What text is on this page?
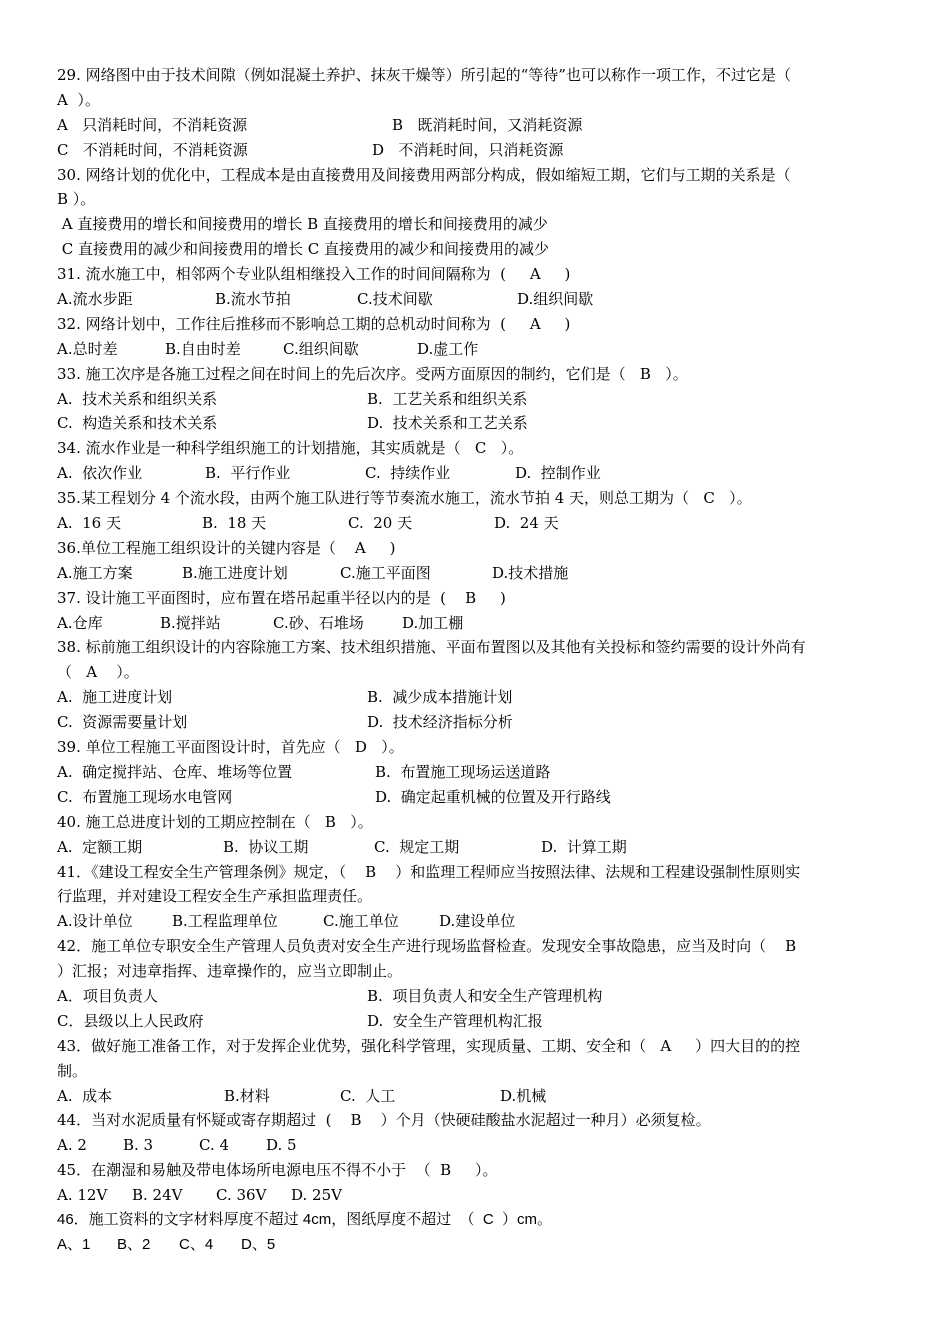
29. 网络图中由于技术间隙（例如混凝土养护、抹灰干燥等）所引起的“等待”也可以称作一项工作，不过它是（
A  ）。
A   只消耗时间，不消耗资源	B   既消耗时间，又消耗资源
C   不消耗时间，不消耗资源	D   不消耗时间，只消耗资源
30. 网络计划的优化中，工程成本是由直接费用及间接费用两部分构成，假如缩短工期，它们与工期的关系是（
B ）。
A 直接费用的增长和间接费用的增长 B 直接费用的增长和间接费用的减少
C 直接费用的减少和间接费用的增长 C 直接费用的减少和间接费用的减少
31. 流水施工中，相邻两个专业队组相继投入工作的时间间隔称为  (     A     )
A.流水步距	B.流水节拍	C.技术间歇	D.组织间歇
32. 网络计划中，工作往后推移而不影响总工期的总机动时间称为  (     A     )
A.总时差	B.自由时差	C.组织间歇	D.虚工作
33. 施工次序是各施工过程之间在时间上的先后次序。受两方面原因的制约，它们是（   B   ）。
A.  技术关系和组织关系	B.  工艺关系和组织关系
C.  构造关系和技术关系	D.  技术关系和工艺关系
34. 流水作业是一种科学组织施工的计划措施，其实质就是（   C   ）。
A.  依次作业	B.  平行作业	C.  持续作业	D.  控制作业
35.某工程划分 4 个流水段，由两个施工队进行等节奏流水施工，流水节拍 4 天，则总工期为（   C   ）。
A.  16 天	B.  18 天	C.  20 天	D.  24 天
36.单位工程施工组织设计的关键内容是（    A     )
A.施工方案	B.施工进度计划	C.施工平面图	D.技术措施
37. 设计施工平面图时，应布置在塔吊起重半径以内的是  (    B     )
A.仓库	B.搅拌站	C.砂、石堆场	D.加工棚
38. 标前施工组织设计的内容除施工方案、技术组织措施、平面布置图以及其他有关投标和签约需要的设计外尚有
（   A    ）。
A.  施工进度计划	B.  减少成本措施计划
C.  资源需要量计划	D.  技术经济指标分析
39. 单位工程施工平面图设计时，首先应（   D   ）。
A.  确定搅拌站、仓库、堆场等位置	B.  布置施工现场运送道路
C.  布置施工现场水电管网	D.  确定起重机械的位置及开行路线
40. 施工总进度计划的工期应控制在（   B   ）。
A.  定额工期	B.  协议工期	C.  规定工期	D.  计算工期
41．《建设工程安全生产管理条例》规定，（    B    ）和监理工程师应当按照法律、法规和工程建设强制性原则实
行监理，并对建设工程安全生产承担监理责任。
A.设计单位	B.工程监理单位	C.施工单位	D.建设单位
42．施工单位专职安全生产管理人员负责对安全生产进行现场监督检查。发现安全事故隐患，应当及时向（    B
）汇报；对违章指挥、违章操作的，应当立即制止。
A．项目负责人	B.  项目负责人和安全生产管理机构
C．县级以上人民政府	D.  安全生产管理机构汇报
43．做好施工准备工作，对于发挥企业优势，强化科学管理，实现质量、工期、安全和（   A     ）四大目的的控
制。
A.  成本	B.材料	C.  人工	D.机械
44．当对水泥质量有怀疑或寄存期超过  (    B    ）个月（快硬硅酸盐水泥超过一种月）必须复检。
A. 2	B. 3	C. 4	D. 5
45．在潮湿和易触及带电体场所电源电压不得不小于  （  B     ）。
A. 12V	B. 24V	C. 36V	D. 25V
46．施工资料的文字材料厚度不超过 4cm，图纸厚度不超过  （  C  ）cm。
A、1	B、2	C、4	D、5
